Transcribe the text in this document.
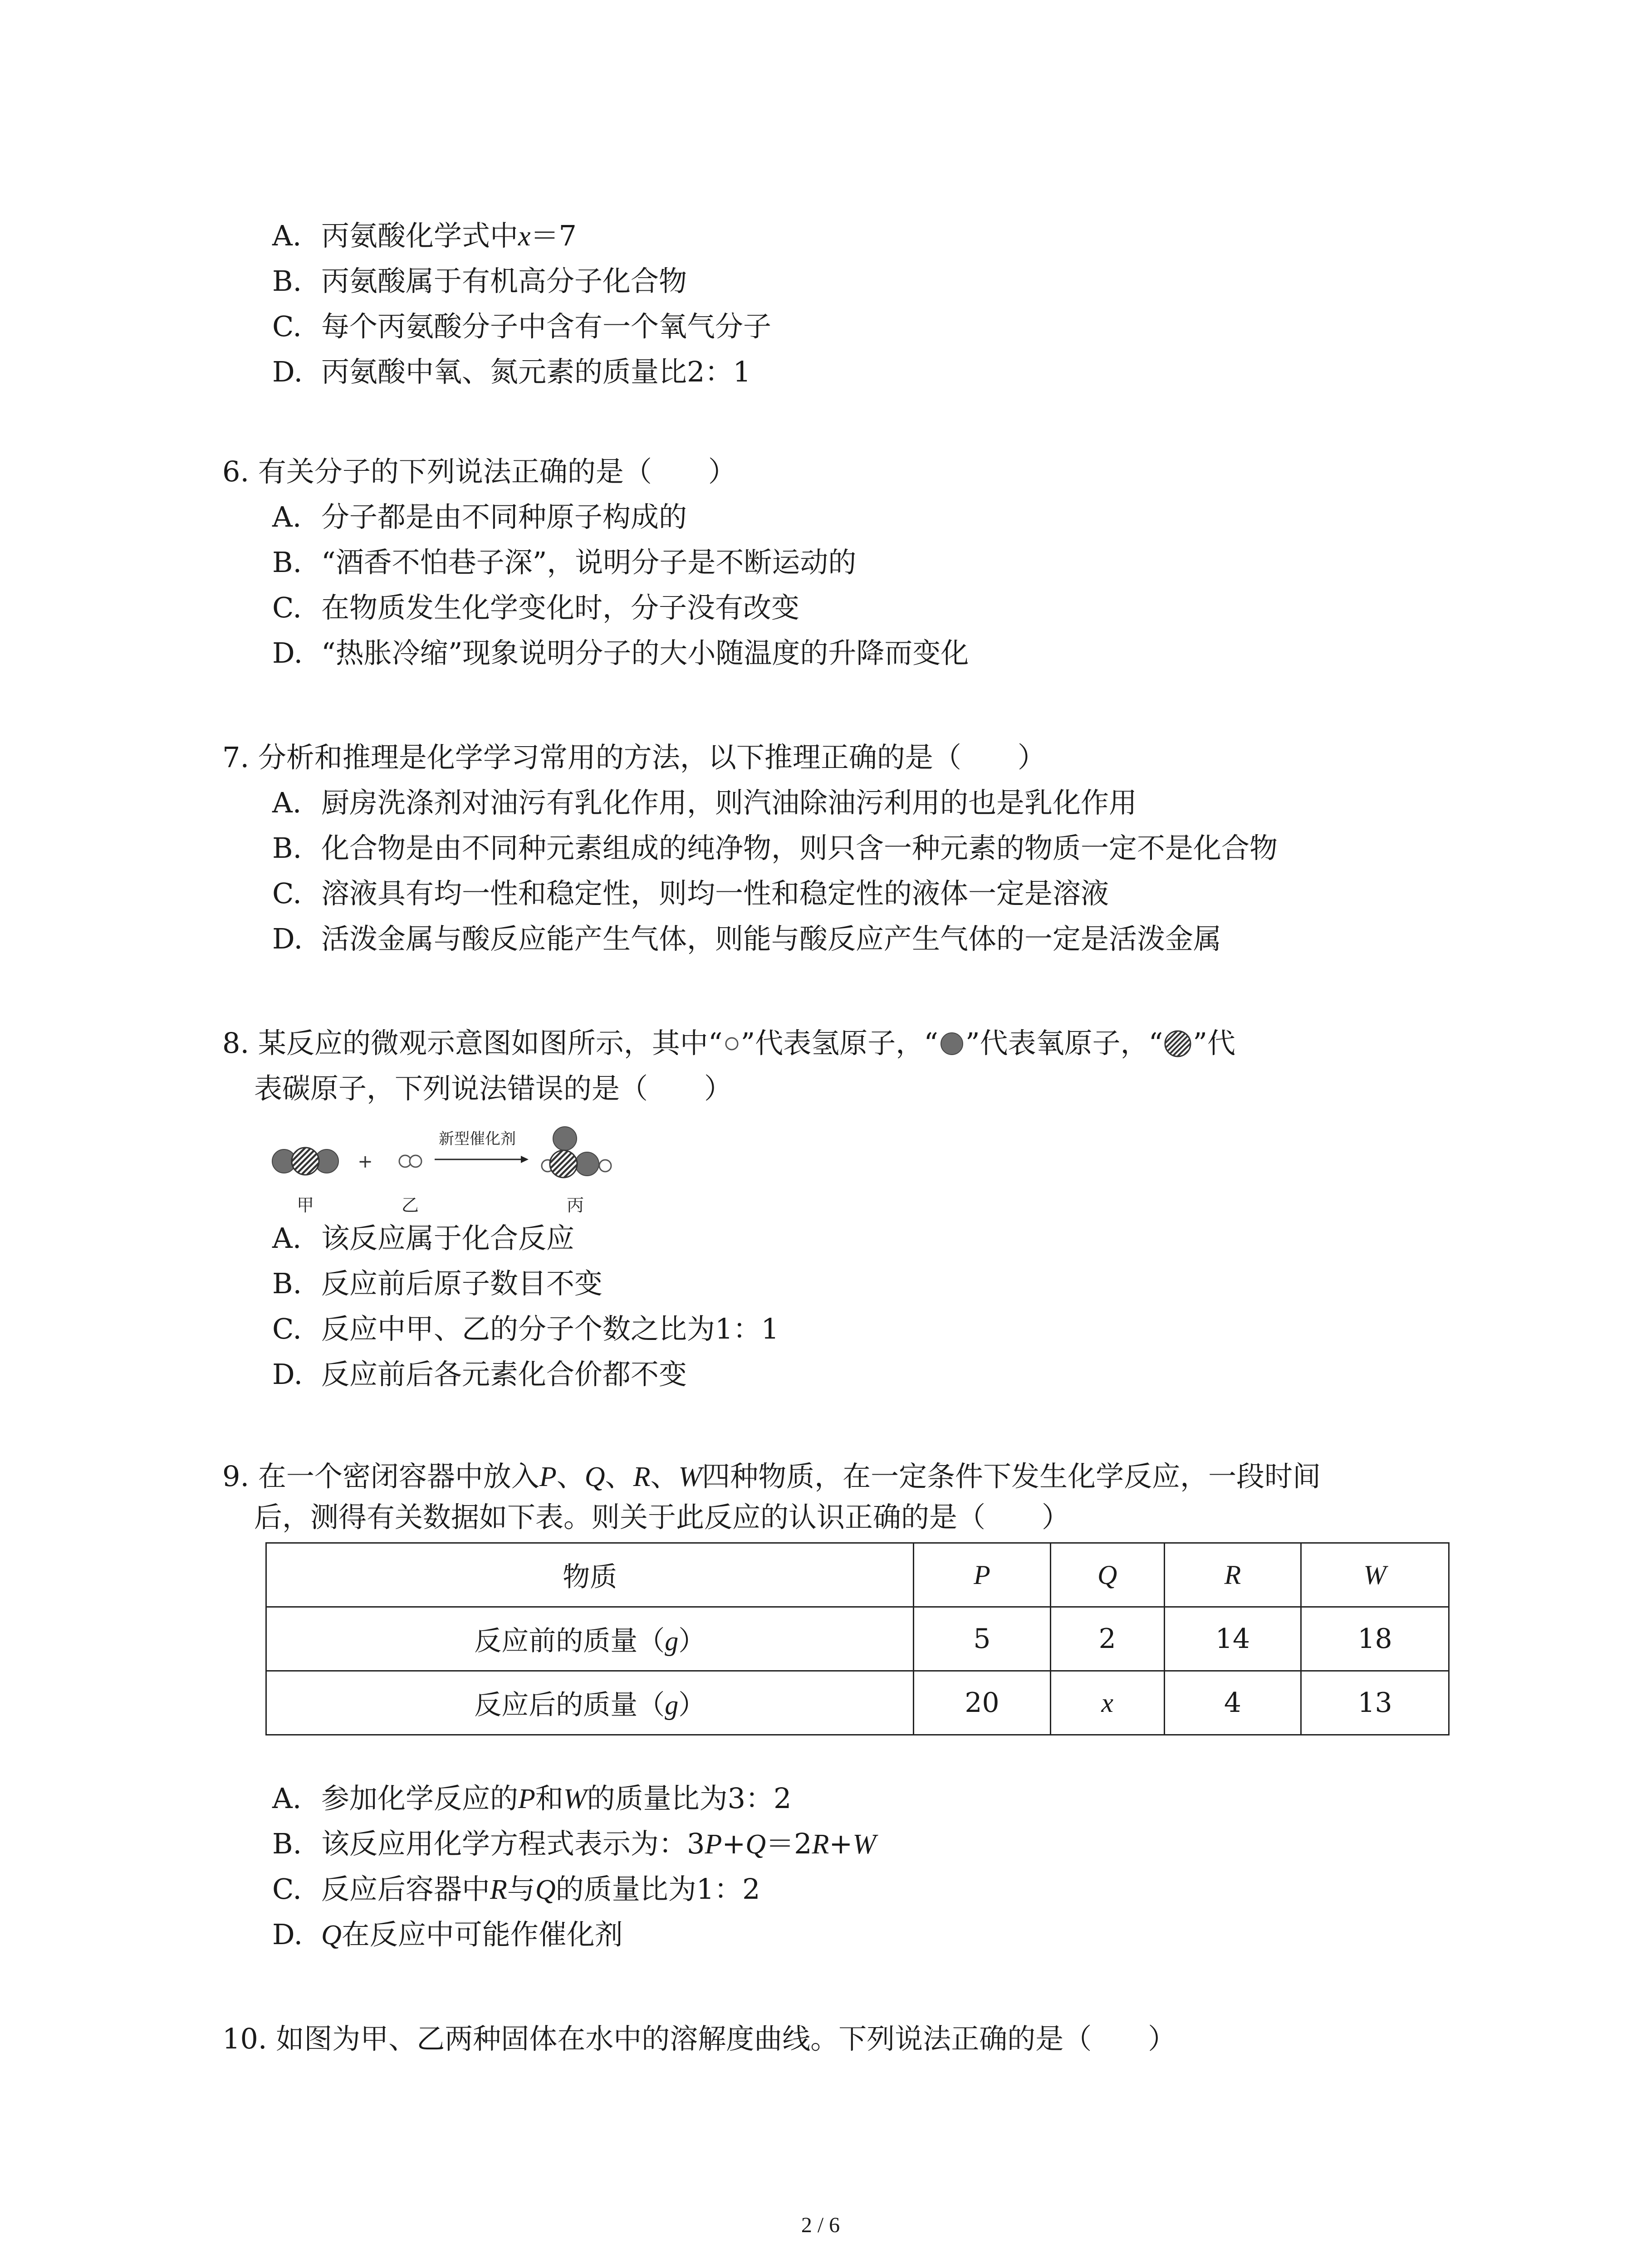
A. 丙氨酸化学式中x＝7
B. 丙氨酸属于有机高分子化合物
C. 每个丙氨酸分子中含有一个氧气分子
D. 丙氨酸中氧、氮元素的质量比2：1
6. 有关分子的下列说法正确的是（　　）
A. 分子都是由不同种原子构成的
B. “酒香不怕巷子深”，说明分子是不断运动的
C. 在物质发生化学变化时，分子没有改变
D. “热胀冷缩”现象说明分子的大小随温度的升降而变化
7. 分析和推理是化学学习常用的方法，以下推理正确的是（　　）
A. 厨房洗涤剂对油污有乳化作用，则汽油除油污利用的也是乳化作用
B. 化合物是由不同种元素组成的纯净物，则只含一种元素的物质一定不是化合物
C. 溶液具有均一性和稳定性，则均一性和稳定性的液体一定是溶液
D. 活泼金属与酸反应能产生气体，则能与酸反应产生气体的一定是活泼金属
8. 某反应的微观示意图如图所示，其中“ ”代表氢原子，“ ”代表氧原子，“ ”代
表碳原子，下列说法错误的是（　　）
+
新型催化剂
甲	乙	丙
A. 该反应属于化合反应
B. 反应前后原子数目不变
C. 反应中甲、乙的分子个数之比为1：1
D. 反应前后各元素化合价都不变
9. 在一个密闭容器中放入P、Q、R、W四种物质，在一定条件下发生化学反应，一段时间
后，测得有关数据如下表。则关于此反应的认识正确的是（　　）
物质	P	Q	R	W
反应前的质量（g）	5	2	14	18
反应后的质量（g）	20	x	4	13
A. 参加化学反应的P和W的质量比为3：2
B. 该反应用化学方程式表示为：3P+Q＝2R+W
C. 反应后容器中R与Q的质量比为1：2
D. Q在反应中可能作催化剂
10. 如图为甲、乙两种固体在水中的溶解度曲线。下列说法正确的是（　　）
2 / 6
